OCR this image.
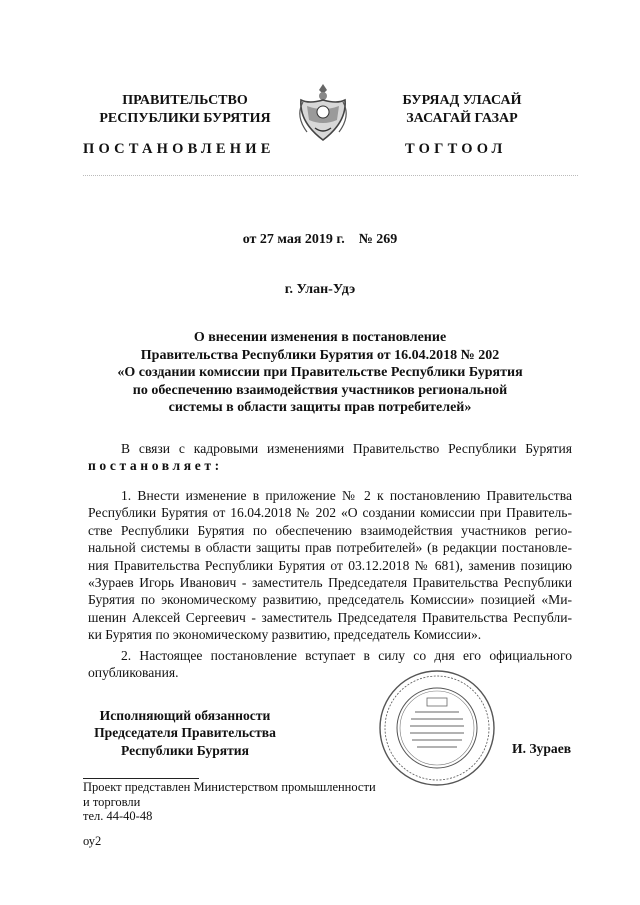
ПРАВИТЕЛЬСТВО
РЕСПУБЛИКИ БУРЯТИЯ
БУРЯАД УЛАСАЙ
ЗАСАГАЙ ГАЗАР
ПОСТАНОВЛЕНИЕ	ТОГТООЛ
от 27 мая 2019 г.    № 269
г. Улан-Удэ
О внесении изменения в постановление
Правительства Республики Бурятия от 16.04.2018 № 202
«О создании комиссии при Правительстве Республики Бурятия
по обеспечению взаимодействия участников региональной
системы в области защиты прав потребителей»
В связи с кадровыми изменениями Правительство Республики Бурятия
постановляет:
1. Внести изменение в приложение № 2 к постановлению Правительства
Республики Бурятия от 16.04.2018 № 202 «О создании комиссии при Правитель-
стве Республики Бурятия по обеспечению взаимодействия участников регио-
нальной системы в области защиты прав потребителей» (в редакции постановле-
ния Правительства Республики Бурятия от 03.12.2018 № 681), заменив позицию
«Зураев Игорь Иванович - заместитель Председателя Правительства Республики
Бурятия по экономическому развитию, председатель Комиссии» позицией «Ми-
шенин Алексей Сергеевич - заместитель Председателя Правительства Республи-
ки Бурятия по экономическому развитию, председатель Комиссии».
2. Настоящее постановление вступает в силу со дня его официального
опубликования.
Исполняющий обязанности
Председателя Правительства
Республики Бурятия	И. Зураев
Проект представлен Министерством промышленности
и торговли
тел. 44-40-48
оу2
